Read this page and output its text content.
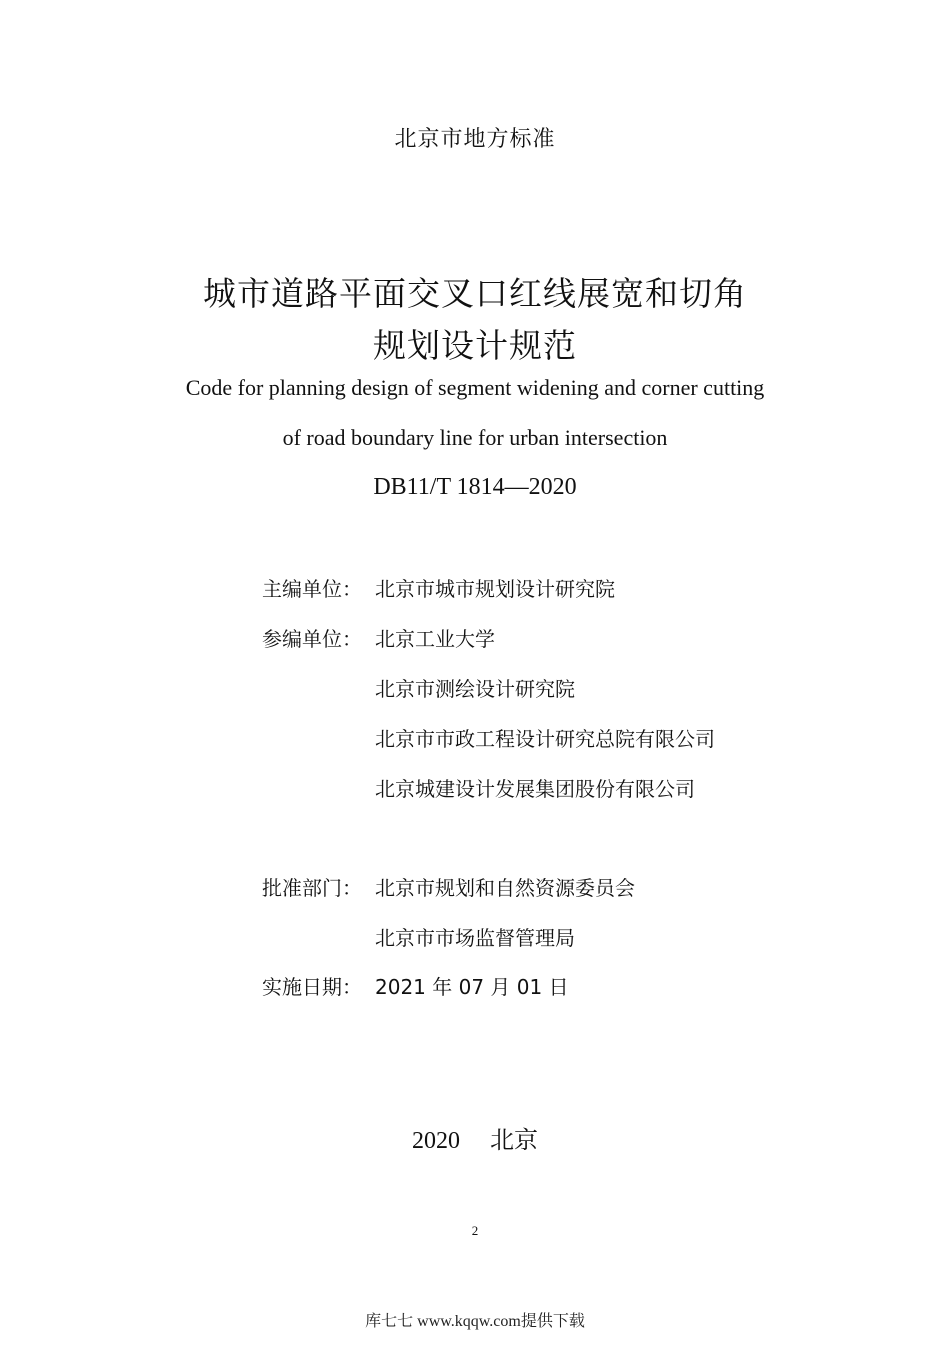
北京市地方标准
城市道路平面交叉口红线展宽和切角
规划设计规范
Code for planning design of segment widening and corner cutting
of road boundary line for urban intersection
DB11/T 1814—2020
主编单位： 北京市城市规划设计研究院
参编单位： 北京工业大学
北京市测绘设计研究院
北京市市政工程设计研究总院有限公司
北京城建设计发展集团股份有限公司
批准部门： 北京市规划和自然资源委员会
北京市市场监督管理局
实施日期： 2021 年 07 月 01 日
2020 北京
2
库七七 www.kqqw.com提供下载
